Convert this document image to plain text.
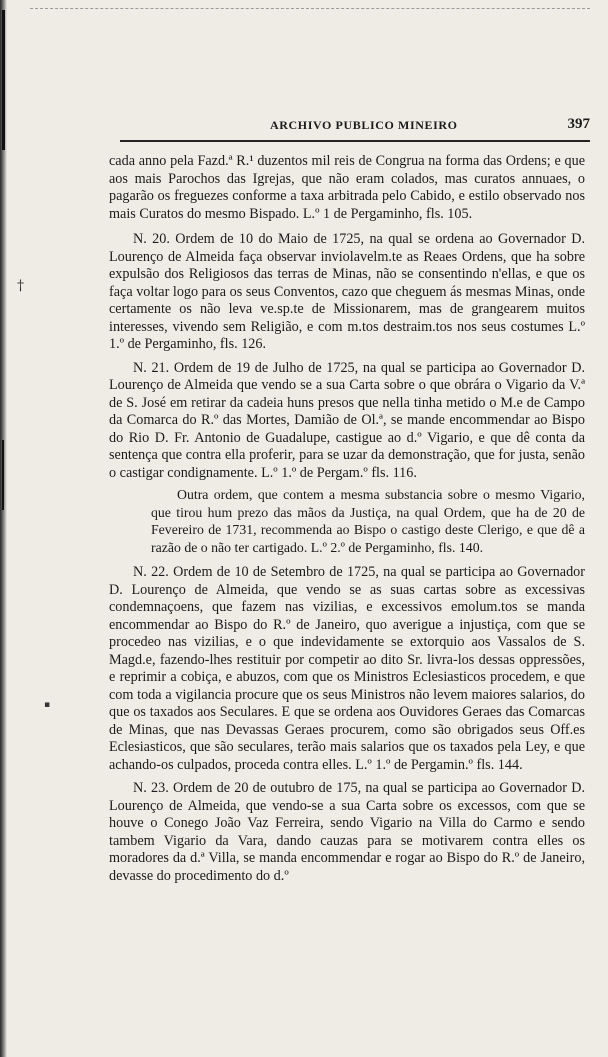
†
▪
ARCHIVO PUBLICO MINEIRO	397

cada anno pela Fazd.ª R.¹ duzentos mil reis de Congrua na forma das Ordens; e que aos mais Parochos das Igrejas, que não eram colados, mas curatos annuaes, o pagarão os freguezes conforme a taxa arbitrada pelo Cabido, e estilo observado nos mais Curatos do mesmo Bispado. L.º 1 de Pergaminho, fls. 105.

N. 20. Ordem de 10 do Maio de 1725, na qual se ordena ao Governador D. Lourenço de Almeida faça observar inviolavelm.te as Reaes Ordens, que ha sobre expulsão dos Religiosos das terras de Minas, não se consentindo n'ellas, e que os faça voltar logo para os seus Conventos, cazo que cheguem ás mesmas Minas, onde certamente os não leva ve.sp.te de Missionarem, mas de grangearem muitos interesses, vivendo sem Religião, e com m.tos destraim.tos nos seus costumes L.º 1.º de Pergaminho, fls. 126.

N. 21. Ordem de 19 de Julho de 1725, na qual se participa ao Governador D. Lourenço de Almeida que vendo se a sua Carta sobre o que obrára o Vigario da V.ª de S. José em retirar da cadeia huns presos que nella tinha metido o M.e de Campo da Comarca do R.º das Mortes, Damião de Ol.ª, se mande encommendar ao Bispo do Rio D. Fr. Antonio de Guadalupe, castigue ao d.º Vigario, e que dê conta da sentença que contra ella proferir, para se uzar da demonstração, que for justa, senão o castigar condignamente. L.º 1.º de Pergam.º fls. 116.

Outra ordem, que contem a mesma substancia sobre o mesmo Vigario, que tirou hum prezo das mãos da Justiça, na qual Ordem, que ha de 20 de Fevereiro de 1731, recommenda ao Bispo o castigo deste Clerigo, e que dê a razão de o não ter cartigado. L.º 2.º de Pergaminho, fls. 140.

N. 22. Ordem de 10 de Setembro de 1725, na qual se participa ao Governador D. Lourenço de Almeida, que vendo se as suas cartas sobre as excessivas condemnaçoens, que fazem nas vizilias, e excessivos emolum.tos se manda encommendar ao Bispo do R.º de Janeiro, quo averigue a injustiça, com que se procedeo nas vizilias, e o que indevidamente se extorquio aos Vassalos de S. Magd.e, fazendo-lhes restituir por competir ao dito Sr. livra-los dessas oppressões, e reprimir a cobiça, e abuzos, com que os Ministros Eclesiasticos procedem, e que com toda a vigilancia procure que os seus Ministros não levem maiores salarios, do que os taxados aos Seculares. E que se ordena aos Ouvidores Geraes das Comarcas de Minas, que nas Devassas Geraes procurem, como são obrigados seus Off.es Eclesiasticos, que são seculares, terão mais salarios que os taxados pela Ley, e que achando-os culpados, proceda contra elles. L.º 1.º de Pergamin.º fls. 144.

N. 23. Ordem de 20 de outubro de 175, na qual se participa ao Governador D. Lourenço de Almeida, que vendo-se a sua Carta sobre os excessos, com que se houve o Conego João Vaz Ferreira, sendo Vigario na Villa do Carmo e sendo tambem Vigario da Vara, dando cauzas para se motivarem contra elles os moradores da d.ª Villa, se manda encommendar e rogar ao Bispo do R.º de Janeiro, devasse do procedimento do d.º
